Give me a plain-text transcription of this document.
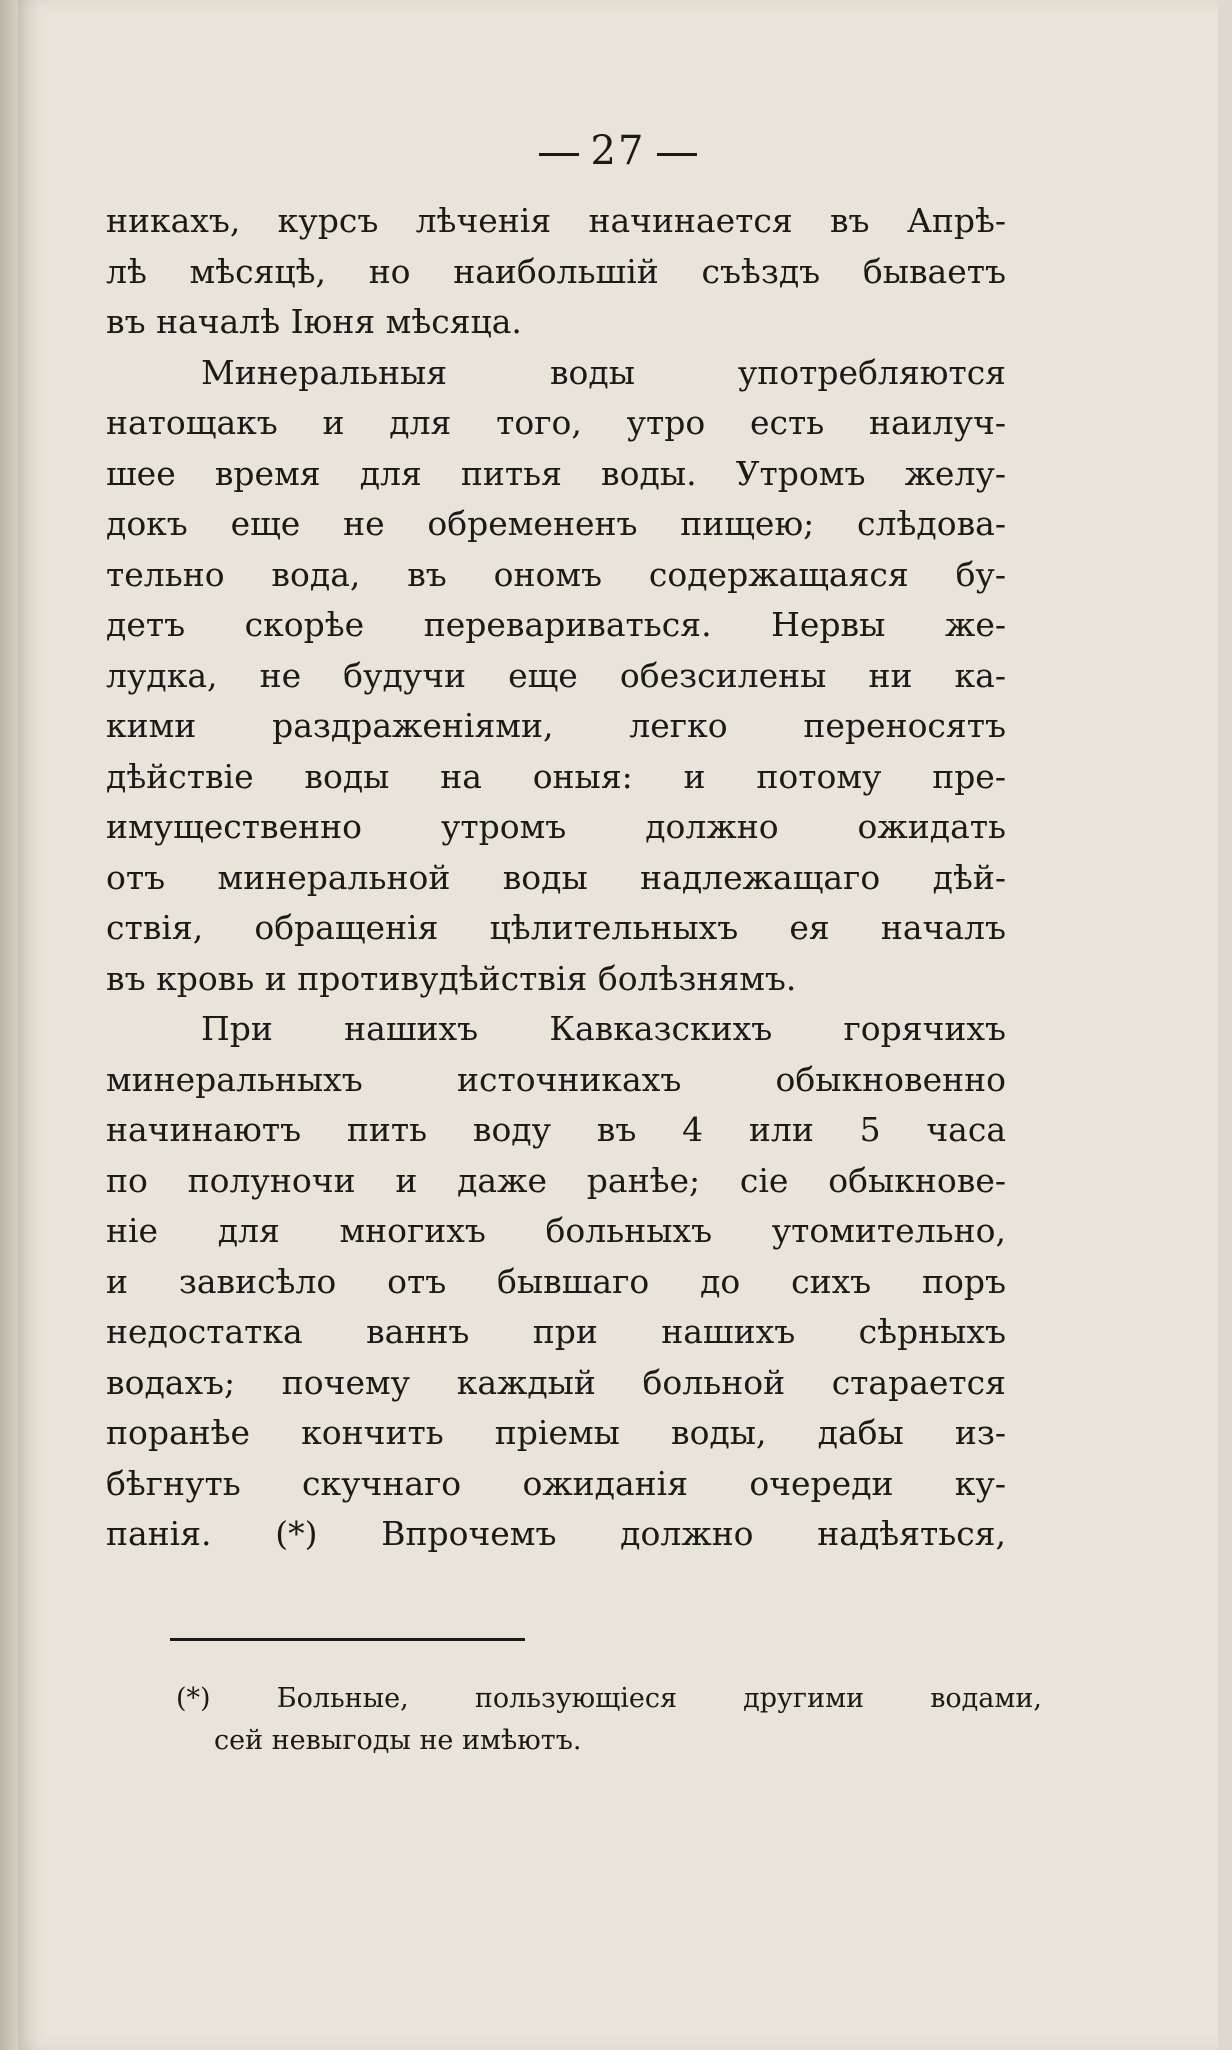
27
никахъ, курсъ лѣченія начинается въ Апрѣ-
лѣ мѣсяцѣ, но наибольшій съѣздъ бываетъ
въ началѣ Іюня мѣсяца.
Минеральныя воды употребляются
натощакъ и для того, утро есть наилуч-
шее время для питья воды. Утромъ желу-
докъ еще не обремененъ пищею; слѣдова-
тельно вода, въ ономъ содержащаяся бу-
детъ скорѣе перевариваться. Нервы же-
лудка, не будучи еще обезсилены ни ка-
кими раздраженіями, легко переносятъ
дѣйствіе воды на оныя: и потому пре-
имущественно утромъ должно ожидать
отъ минеральной воды надлежащаго дѣй-
ствія, обращенія цѣлительныхъ ея началъ
въ кровь и противудѣйствія болѣзнямъ.
При нашихъ Кавказскихъ горячихъ
минеральныхъ источникахъ обыкновенно
начинаютъ пить воду въ 4 или 5 часа
по полуночи и даже ранѣе; сіе обыкнове-
ніе для многихъ больныхъ утомительно,
и зависѣло отъ бывшаго до сихъ поръ
недостатка ваннъ при нашихъ сѣрныхъ
водахъ; почему каждый больной старается
поранѣе кончить пріемы воды, дабы из-
бѣгнуть скучнаго ожиданія очереди ку-
панія. (*) Впрочемъ должно надѣяться,
(*) Больные, пользующіеся другими водами,
сей невыгоды не имѣютъ.
